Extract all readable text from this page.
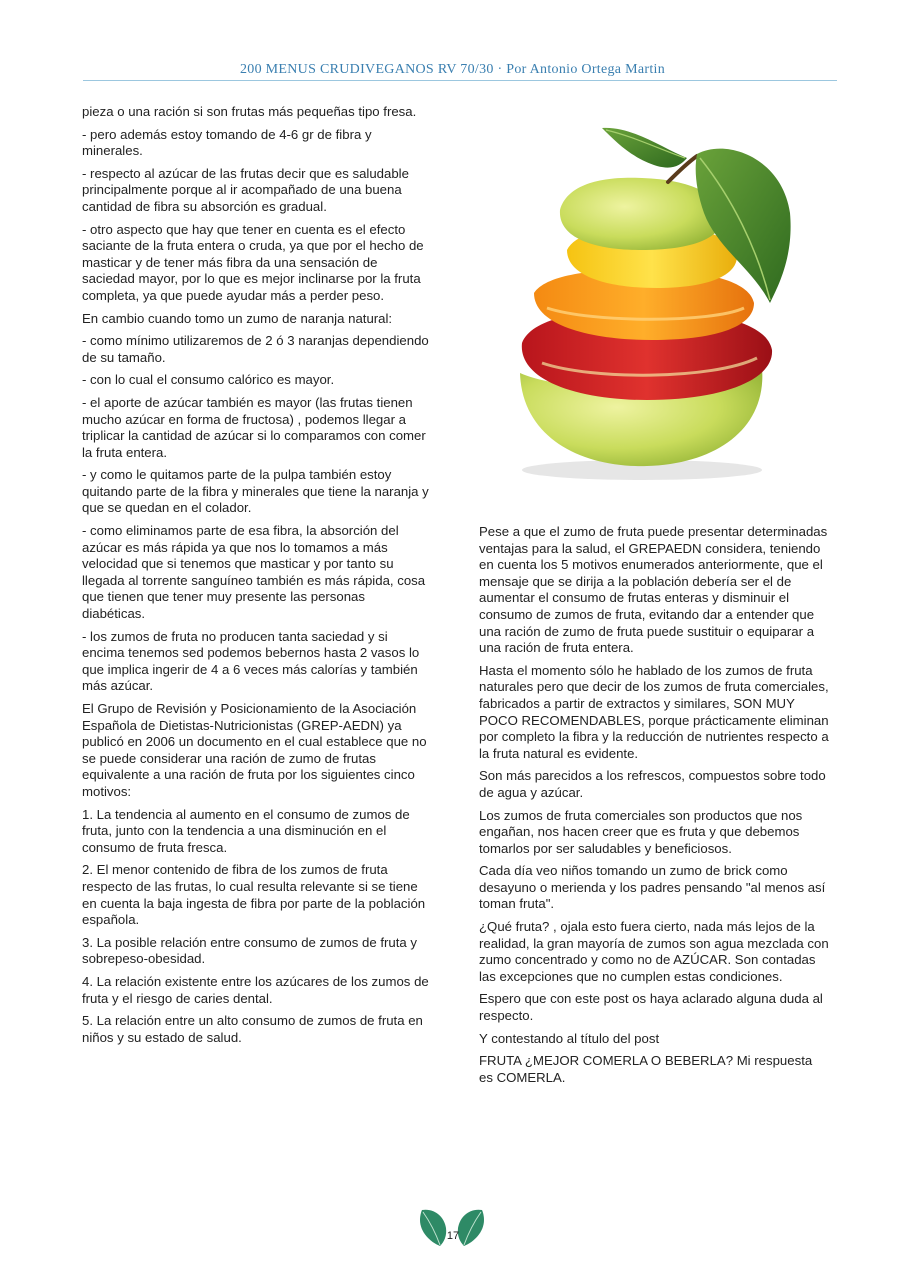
200 MENUS CRUDIVEGANOS RV 70/30 · Por Antonio Ortega Martin

pieza o una ración si son frutas más pequeñas tipo fresa.

- pero además estoy tomando de 4-6 gr de fibra y minerales.

- respecto al azúcar de las frutas decir que es saludable principalmente porque al ir acompañado de una buena cantidad de fibra su absorción es gradual.

- otro aspecto que hay que tener en cuenta es el efecto saciante de la fruta entera o cruda, ya que por el hecho de masticar y de tener más fibra da una sensación de saciedad mayor, por lo que es mejor inclinarse por la fruta completa, ya que puede ayudar más a perder peso.

En cambio cuando tomo un zumo de naranja natural:

- como mínimo utilizaremos de 2 ó 3 naranjas dependiendo de su tamaño.

- con lo cual el consumo calórico es mayor.

- el aporte de azúcar también es mayor (las frutas tienen mucho azúcar en forma de fructosa) , podemos llegar a triplicar la cantidad de azúcar si lo comparamos con comer la fruta entera.

- y como le quitamos parte de la pulpa también estoy quitando parte de la fibra y minerales que tiene la naranja y que se quedan en el colador.

- como eliminamos parte de esa fibra, la absorción del azúcar es más rápida ya que nos lo tomamos a más velocidad que si tenemos que masticar y por tanto su llegada al torrente sanguíneo también es más rápida, cosa que tienen que tener muy presente las personas diabéticas.

- los zumos de fruta no producen tanta saciedad y si encima tenemos sed podemos bebernos hasta 2 vasos lo que implica ingerir de 4 a 6 veces más calorías y también más azúcar.

El Grupo de Revisión y Posicionamiento de la Asociación Española de Dietistas-Nutricionistas (GREP-AEDN) ya publicó en 2006 un documento en el cual establece que no se puede considerar una ración de zumo de frutas equivalente a una ración de fruta por los siguientes cinco motivos:

1. La tendencia al aumento en el consumo de zumos de fruta, junto con la tendencia a una disminución en el consumo de fruta fresca.

2. El menor contenido de fibra de los zumos de fruta respecto de las frutas, lo cual resulta relevante si se tiene en cuenta la baja ingesta de fibra por parte de la población española.

3. La posible relación entre consumo de zumos de fruta y sobrepeso-obesidad.

4. La relación existente entre los azúcares de los zumos de fruta y el riesgo de caries dental.

5. La relación entre un alto consumo de zumos de fruta en niños y su estado de salud.

Pese a que el zumo de fruta puede presentar determinadas ventajas para la salud, el GREPAEDN considera, teniendo en cuenta los 5 motivos enumerados anteriormente, que el mensaje que se dirija a la población debería ser el de aumentar el consumo de frutas enteras y disminuir el consumo de zumos de fruta, evitando dar a entender que una ración de zumo de fruta puede sustituir o equiparar a una ración de fruta entera.

Hasta el momento sólo he hablado de los zumos de fruta naturales pero que decir de los zumos de fruta comerciales, fabricados a partir de extractos y similares, SON MUY POCO RECOMENDABLES, porque prácticamente eliminan por completo la fibra y la reducción de nutrientes respecto a la fruta natural es evidente.

Son más parecidos a los refrescos, compuestos sobre todo de agua y azúcar.

Los zumos de fruta comerciales son productos que nos engañan, nos hacen creer que es fruta y que debemos tomarlos por ser saludables y beneficiosos.

Cada día veo niños tomando un zumo de brick como desayuno o merienda y los padres pensando "al menos así toman fruta".

¿Qué fruta? , ojala esto fuera cierto, nada más lejos de la realidad, la gran mayoría de zumos son agua mezclada con zumo concentrado y como no de AZÚCAR. Son contadas las excepciones que no cumplen estas condiciones.

Espero que con este post os haya aclarado alguna duda al respecto.

Y contestando al título del post

FRUTA ¿MEJOR COMERLA O BEBERLA? Mi respuesta es COMERLA.

17
